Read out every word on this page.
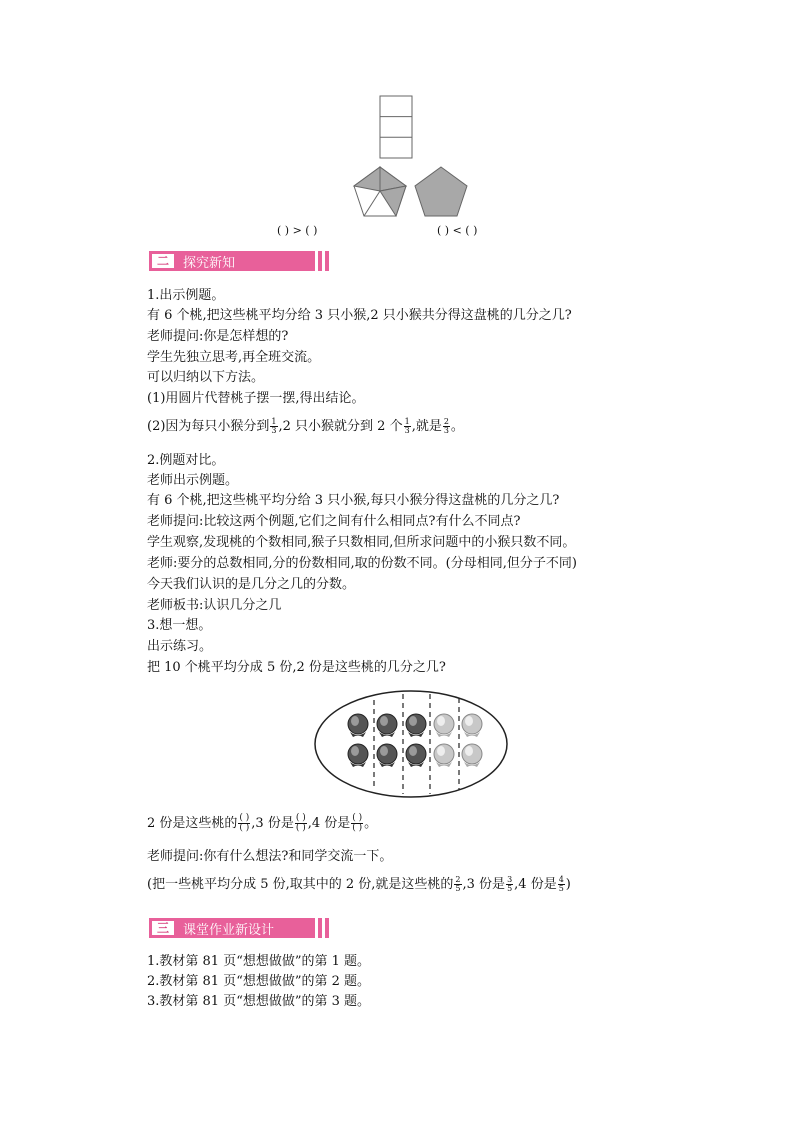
( ) > ( )	( ) < ( )
二	探究新知
1.出示例题。
有 6 个桃,把这些桃平均分给 3 只小猴,2 只小猴共分得这盘桃的几分之几?
老师提问:你是怎样想的?
学生先独立思考,再全班交流。
可以归纳以下方法。
(1)用圆片代替桃子摆一摆,得出结论。
(2)因为每只小猴分到 $\frac{1}{3} ,2$ 只小猴就分到 2 个 $\frac{1}{3}$ ,就是 $\frac{2}{3}$ 。
2.例题对比。
老师出示例题。
有 6 个桃,把这些桃平均分给 3 只小猴,每只小猴分得这盘桃的几分之几?
老师提问:比较这两个例题,它们之间有什么相同点?有什么不同点?
学生观察,发现桃的个数相同,猴子只数相同,但所求问题中的小猴只数不同。
老师:要分的总数相同,分的份数相同,取的份数不同。(分母相同,但分子不同)
今天我们认识的是几分之几的分数。
老师板书:认识几分之几
3.想一想。
出示练习。
把 10 个桃平均分成 5 份,2 份是这些桃的几分之几?
2 份是这些桃的 $\frac{( )}{( )} ,3$ 份是 $\frac{( )}{( )} ,4$ 份是 $\frac{( )}{( )}$ 。
老师提问:你有什么想法?和同学交流一下。
(把一些桃平均分成 5 份,取其中的 2 份,就是这些桃的 $\frac{2}{5} ,3$ 份是 $\frac{3}{5} ,4$ 份是 $\frac{4}{5}$ )
三	课堂作业新设计
1.教材第 81 页“想想做做”的第 1 题。
2.教材第 81 页“想想做做”的第 2 题。
3.教材第 81 页“想想做做”的第 3 题。
